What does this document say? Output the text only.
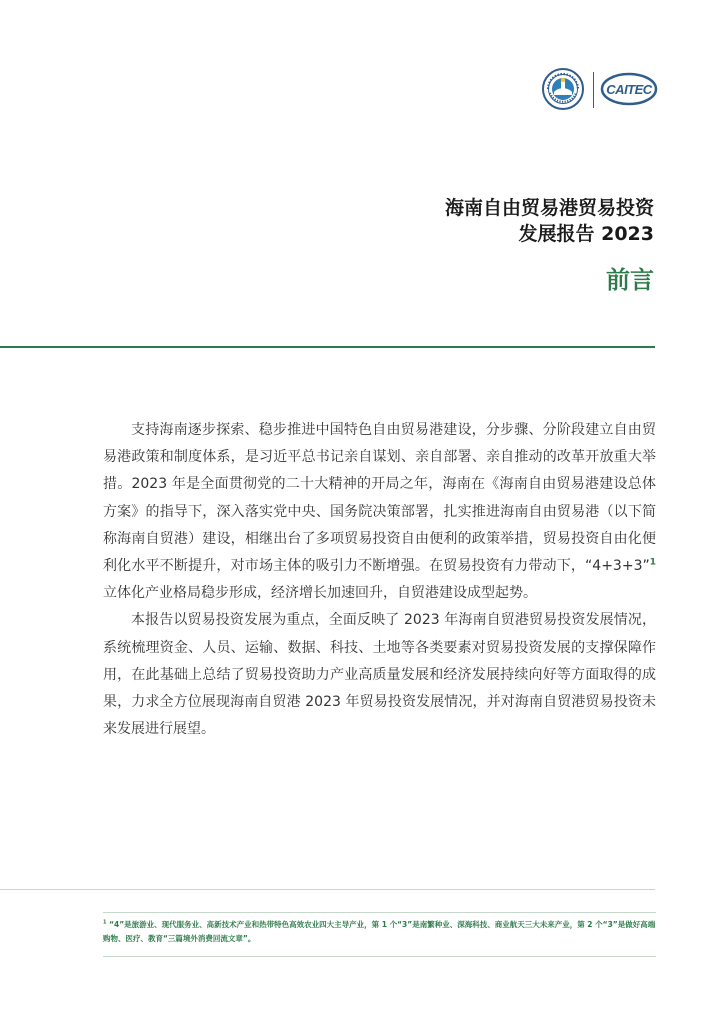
CAITEC
海南自由贸易港贸易投资
发展报告 2023
前言

支持海南逐步探索、稳步推进中国特色自由贸易港建设，分步骤、分阶段建立自由贸易港政策和制度体系，是习近平总书记亲自谋划、亲自部署、亲自推动的改革开放重大举措。2023 年是全面贯彻党的二十大精神的开局之年，海南在《海南自由贸易港建设总体方案》的指导下，深入落实党中央、国务院决策部署，扎实推进海南自由贸易港（以下简称海南自贸港）建设，相继出台了多项贸易投资自由便利的政策举措，贸易投资自由化便利化水平不断提升，对市场主体的吸引力不断增强。在贸易投资有力带动下，“4+3+3”$^1$立体化产业格局稳步形成，经济增长加速回升，自贸港建设成型起势。

本报告以贸易投资发展为重点，全面反映了 2023 年海南自贸港贸易投资发展情况，系统梳理资金、人员、运输、数据、科技、土地等各类要素对贸易投资发展的支撑保障作用，在此基础上总结了贸易投资助力产业高质量发展和经济发展持续向好等方面取得的成果，力求全方位展现海南自贸港 2023 年贸易投资发展情况，并对海南自贸港贸易投资未来发展进行展望。

$^1$ “4”是旅游业、现代服务业、高新技术产业和热带特色高效农业四大主导产业，第 1 个“3”是南繁种业、深海科技、商业航天三大未来产业，第 2 个“3”是做好高端购物、医疗、教育“三篇境外消费回流文章”。
